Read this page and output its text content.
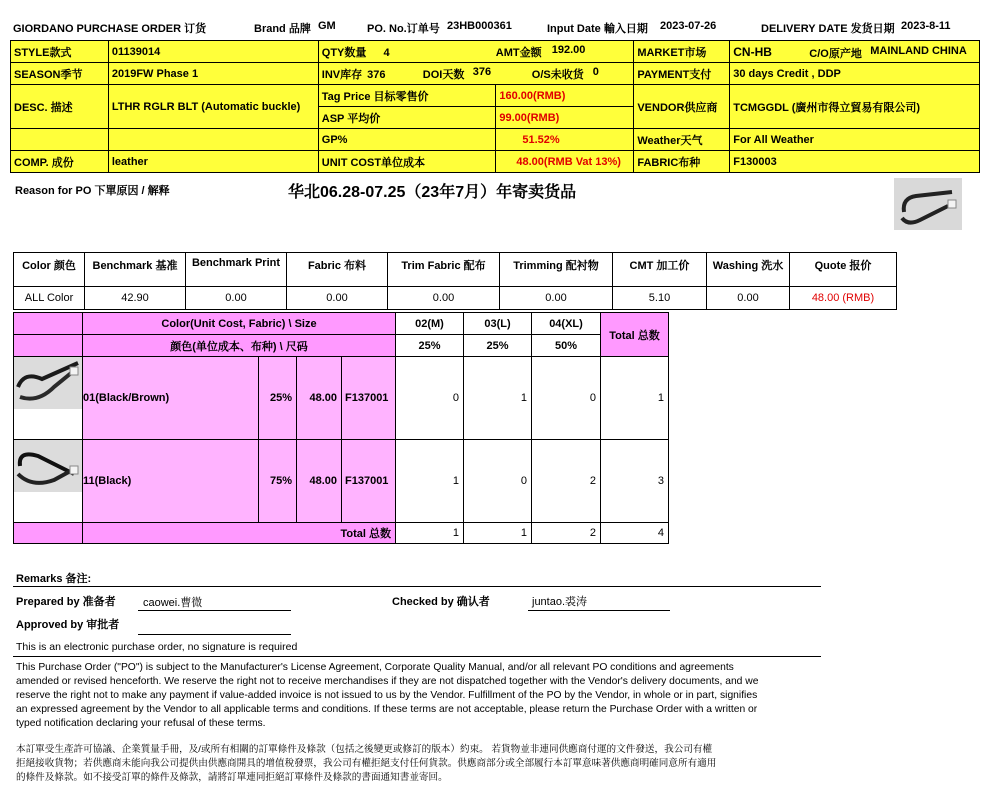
GIORDANO PURCHASE ORDER 订货	Brand 品牌 GM	PO. No.订单号 23HB000361	Input Date 輸入日期 2023-07-26	DELIVERY DATE 发货日期 2023-8-11
STYLE款式	01139014	QTY数量 4 AMT金额 192.00		MARKET市场	CN-HB C/O原产地 MAINLAND CHINA

SEASON季节	2019FW Phase 1	INV库存 376 DOI天数 376 O/S未收货 0		PAYMENT支付	30 days Credit , DDP
DESC. 描述	LTHR RGLR BLT (Automatic buckle)	Tag Price 目标零售价	160.00(RMB)	VENDOR供应商	TCMGGDL (廣州市得立貿易有限公司)
		ASP 平均价	99.00(RMB)		
		GP%	51.52%	Weather天气	For All Weather
COMP. 成份	leather	UNIT COST单位成本	48.00(RMB Vat 13%)	FABRIC布种	F130003
Reason for PO 下單原因 / 解释	华北06.28-07.25（23年7月）年寄卖货品
Color 颜色	Benchmark 基准	Benchmark Print	Fabric 布料	Trim Fabric 配布	Trimming 配衬物	CMT 加工价	Washing 洗水	Quote 报价
ALL Color	42.90	0.00	0.00	0.00	0.00	5.10	0.00	48.00 (RMB)
	Color(Unit Cost, Fabric) \ Size				02(M)	03(L)	04(XL)	Total 总数
	颜色(单位成本、布种) \ 尺码				25%	25%	50%	

	01(Black/Brown)	25%	48.00	F137001	0	1	0	1

	11(Black)	75%	48.00	F137001	1	0	2	3
	Total 总数				1	1	2	4
Remarks 备注:
Prepared by 准备者 caowei.曹微	Checked by 确认者	juntao.裘涛
Approved by 审批者
This is an electronic purchase order, no signature is required
This Purchase Order ("PO") is subject to the Manufacturer's License Agreement, Corporate Quality Manual, and/or all relevant PO conditions and agreements
amended or revised henceforth. We reserve the right not to receive merchandises if they are not dispatched together with the Vendor's delivery documents, and we
reserve the right not to make any payment if value-added invoice is not issued to us by the Vendor. Fulfillment of the PO by the Vendor, in whole or in part, signifies
an expressed agreement by the Vendor to all applicable terms and conditions. If these terms are not acceptable, please return the Purchase Order with a written or
typed notification declaring your refusal of these terms.
本訂單受生產許可協議、企業質量手冊，及/或所有相關的訂單條件及條款（包括之後變更或修訂的版本）約束。 若貨物並非連同供應商付運的文件發送，我公司有權
拒絕接收貨物；若供應商未能向我公司提供由供應商開具的增值稅發票，我公司有權拒絕支付任何貨款。供應商部分或全部履行本訂單意味著供應商明確同意所有適用
的條件及條款。如不接受訂單的條件及條款，請將訂單連同拒絕訂單條件及條款的書面通知書並寄回。
